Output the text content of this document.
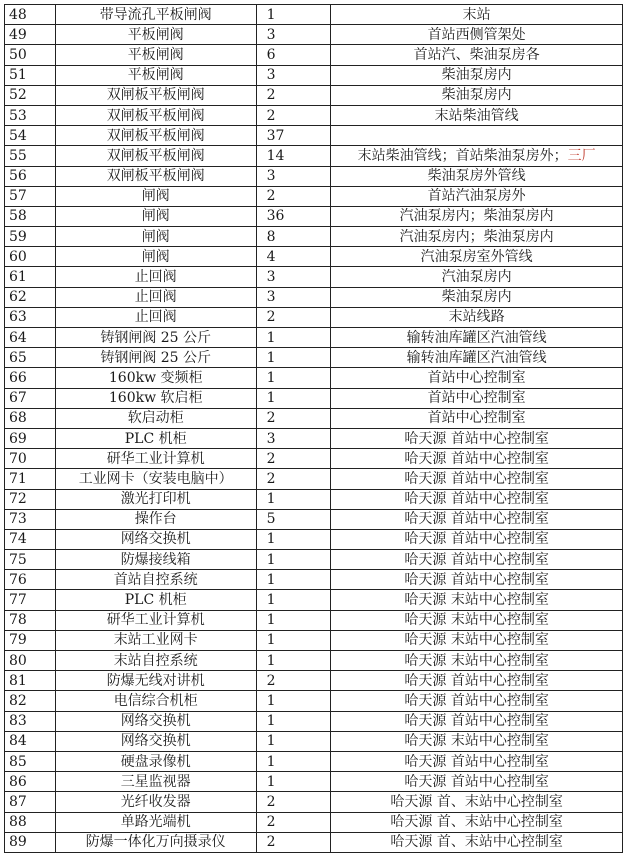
48	带导流孔平板闸阀	1	末站
49	平板闸阀	3	首站西侧管架处
50	平板闸阀	6	首站汽、柴油泵房各
51	平板闸阀	3	柴油泵房内
52	双闸板平板闸阀	2	柴油泵房内
53	双闸板平板闸阀	2	末站柴油管线
54	双闸板平板闸阀	37	
55	双闸板平板闸阀	14	末站柴油管线；首站柴油泵房外；三厂
56	双闸板平板闸阀	3	柴油泵房外管线
57	闸阀	2	首站汽油泵房外
58	闸阀	36	汽油泵房内；柴油泵房内
59	闸阀	8	汽油泵房内；柴油泵房内
60	闸阀	4	汽油泵房室外管线
61	止回阀	3	汽油泵房内
62	止回阀	3	柴油泵房内
63	止回阀	2	末站线路
64	铸钢闸阀 25 公斤	1	输转油库罐区汽油管线
65	铸钢闸阀 25 公斤	1	输转油库罐区汽油管线
66	160kw 变频柜	1	首站中心控制室
67	160kw 软启柜	1	首站中心控制室
68	软启动柜	2	首站中心控制室
69	PLC 机柜	3	哈天源 首站中心控制室
70	研华工业计算机	2	哈天源 首站中心控制室
71	工业网卡（安装电脑中）	2	哈天源 首站中心控制室
72	激光打印机	1	哈天源 首站中心控制室
73	操作台	5	哈天源 首站中心控制室
74	网络交换机	1	哈天源 首站中心控制室
75	防爆接线箱	1	哈天源 首站中心控制室
76	首站自控系统	1	哈天源 首站中心控制室
77	PLC 机柜	1	哈天源 末站中心控制室
78	研华工业计算机	1	哈天源 末站中心控制室
79	末站工业网卡	1	哈天源 末站中心控制室
80	末站自控系统	1	哈天源 末站中心控制室
81	防爆无线对讲机	2	哈天源 首站中心控制室
82	电信综合机柜	1	哈天源 首站中心控制室
83	网络交换机	1	哈天源 首站中心控制室
84	网络交换机	1	哈天源 末站中心控制室
85	硬盘录像机	1	哈天源 首站中心控制室
86	三星监视器	1	哈天源 首站中心控制室
87	光纤收发器	2	哈天源 首、末站中心控制室
88	单路光端机	2	哈天源 首、末站中心控制室
89	防爆一体化万向摄录仪	2	哈天源 首、末站中心控制室
